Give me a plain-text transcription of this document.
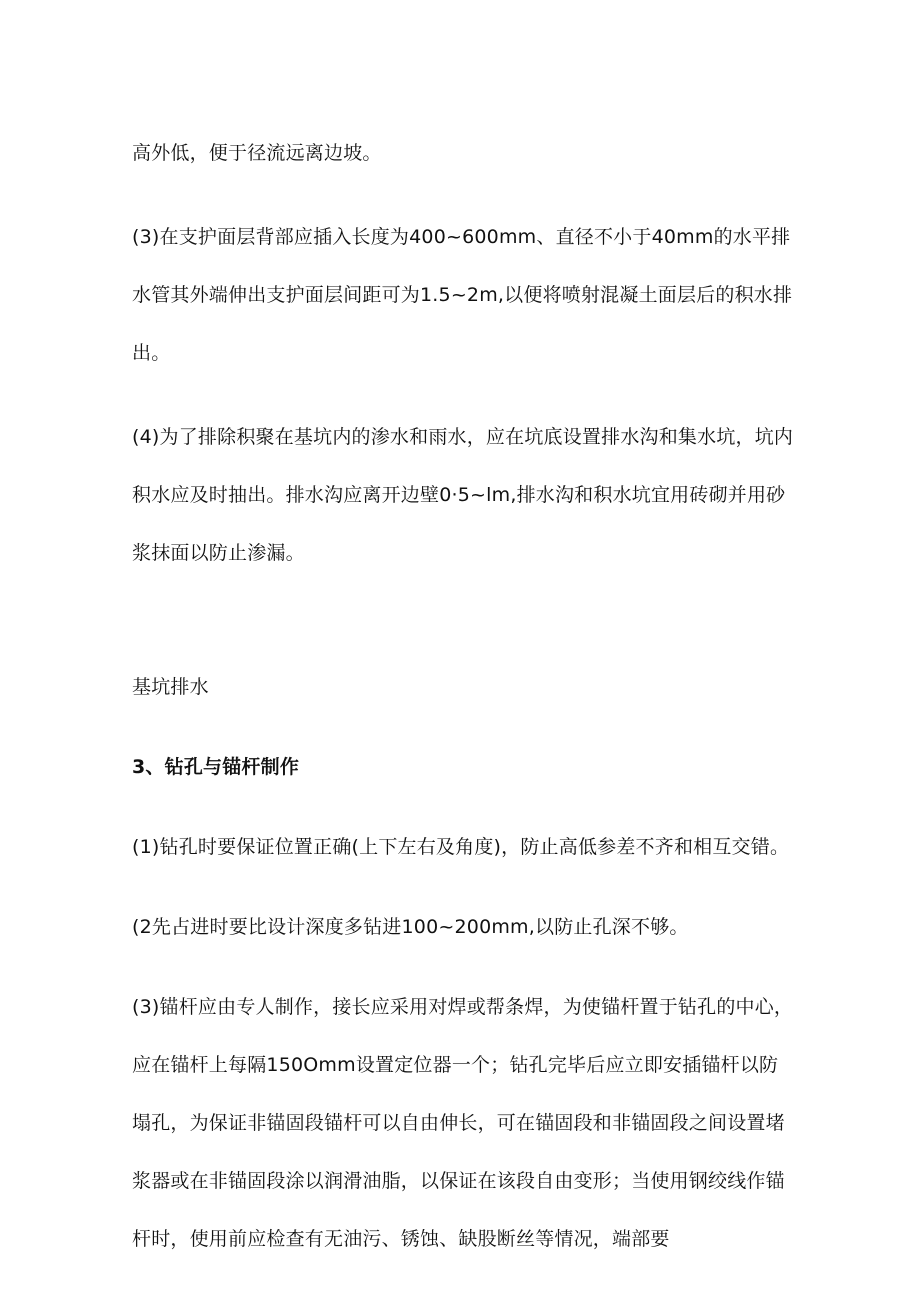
高外低，便于径流远离边坡。

(3)在支护面层背部应插入长度为400~600mm、直径不小于40mm的水平排水管其外端伸出支护面层间距可为1.5~2m,以便将喷射混凝土面层后的积水排出。

(4)为了排除积聚在基坑内的渗水和雨水，应在坑底设置排水沟和集水坑，坑内积水应及时抽出。排水沟应离开边壁0·5~lm,排水沟和积水坑宜用砖砌并用砂浆抹面以防止渗漏。

基坑排水

3、钻孔与锚杆制作

(1)钻孔时要保证位置正确(上下左右及角度)，防止高低参差不齐和相互交错。

(2先占进时要比设计深度多钻进100~200mm,以防止孔深不够。

(3)锚杆应由专人制作，接长应采用对焊或帮条焊，为使锚杆置于钻孔的中心，应在锚杆上每隔150Omm设置定位器一个；钻孔完毕后应立即安插锚杆以防塌孔，为保证非锚固段锚杆可以自由伸长，可在锚固段和非锚固段之间设置堵浆器或在非锚固段涂以润滑油脂，以保证在该段自由变形；当使用钢绞线作锚杆时，使用前应检查有无油污、锈蚀、缺股断丝等情况，端部要
